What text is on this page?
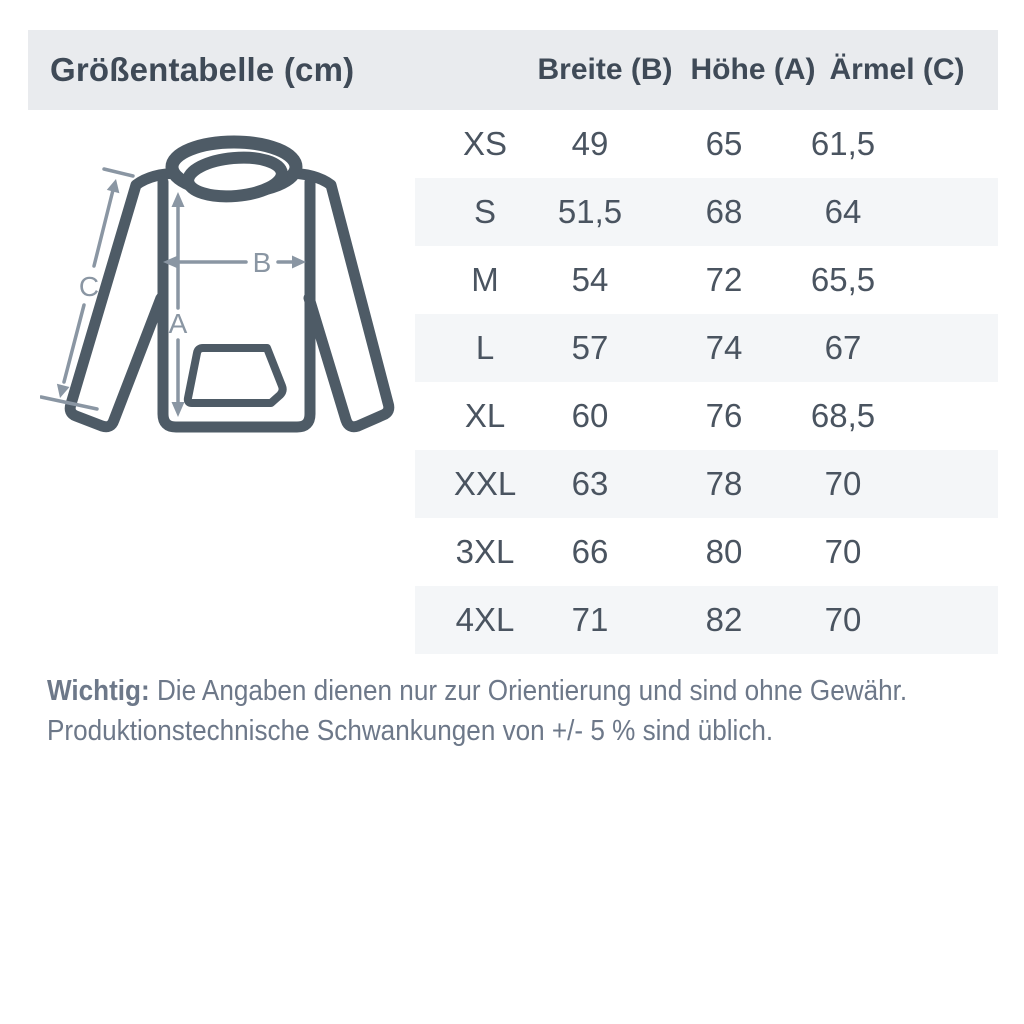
Größentabelle (cm)	Breite (B) Höhe (A) Ärmel (C)
A
B
C
XS 49	65 61,5
S 51,5	68 64
M 54	72 65,5
L 57	74 67
XL 60	76 68,5
XXL 63	78 70
3XL 66	80 70
4XL 71	82 70

Wichtig: Die Angaben dienen nur zur Orientierung und sind ohne Gewähr.

Produktionstechnische Schwankungen von +/- 5 % sind üblich.
